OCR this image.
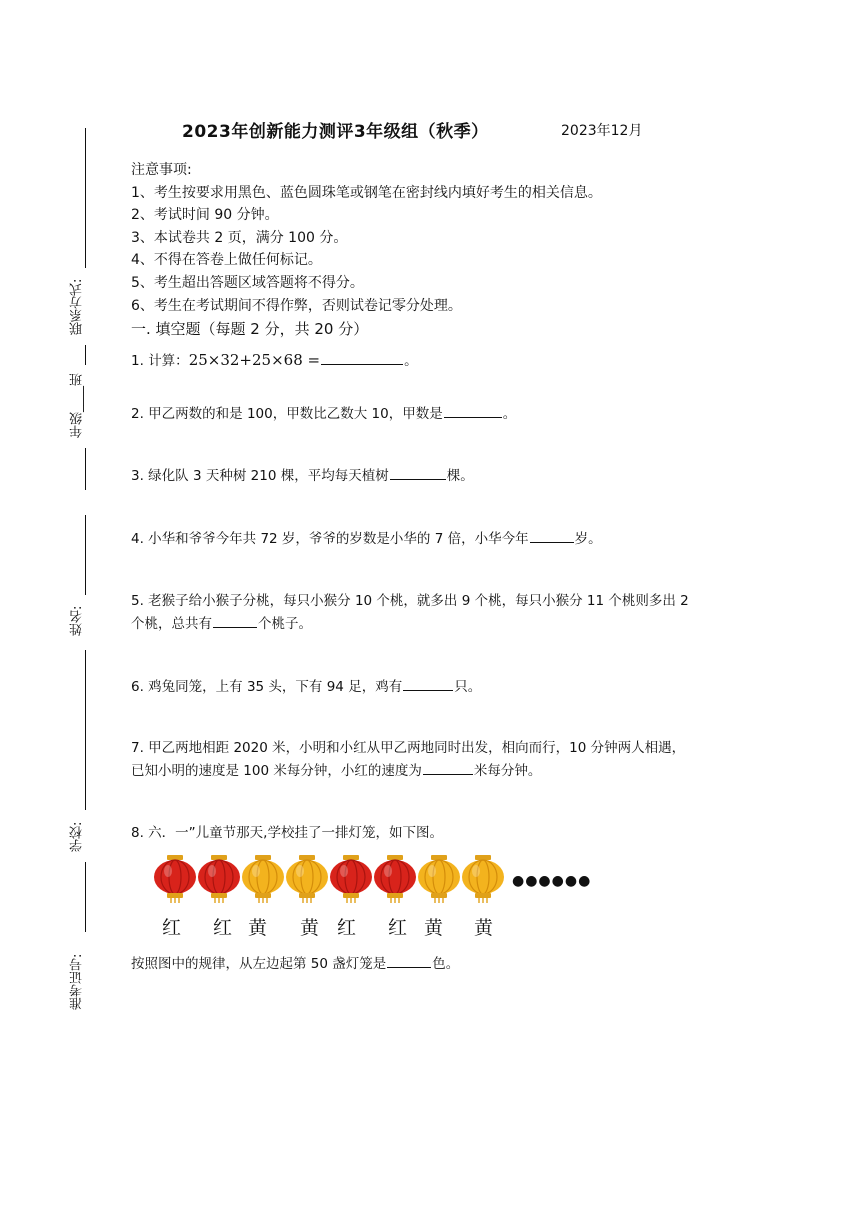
联系方式:
年级____班
姓名:
学校:
准考证号:
2023年创新能力测评3年级组（秋季）	2023年12月
注意事项:
1、考生按要求用黑色、蓝色圆珠笔或钢笔在密封线内填好考生的相关信息。
2、考试时间 90 分钟。
3、本试卷共 2 页，满分 100 分。
4、不得在答卷上做任何标记。
5、考生超出答题区域答题将不得分。
6、考生在考试期间不得作弊，否则试卷记零分处理。
一. 填空题（每题 2 分，共 20 分）
1. 计算：25×32+25×68 =	。
2. 甲乙两数的和是 100，甲数比乙数大 10，甲数是	。
3. 绿化队 3 天种树 210 棵，平均每天植树	棵。
4. 小华和爷爷今年共 72 岁，爷爷的岁数是小华的 7 倍，小华今年	岁。
5. 老猴子给小猴子分桃，每只小猴分 10 个桃，就多出 9 个桃，每只小猴分 11 个桃则多出 2
个桃，总共有	个桃子。
6. 鸡兔同笼，上有 35 头，下有 94 足，鸡有	只。
7. 甲乙两地相距 2020 米，小明和小红从甲乙两地同时出发，相向而行，10 分钟两人相遇，
已知小明的速度是 100 米每分钟，小红的速度为	米每分钟。
8. 六．一”儿童节那天,学校挂了一排灯笼，如下图。
●●●●●●
红 红 黄 黄 红 红 黄 黄
按照图中的规律，从左边起第 50 盏灯笼是	色。
